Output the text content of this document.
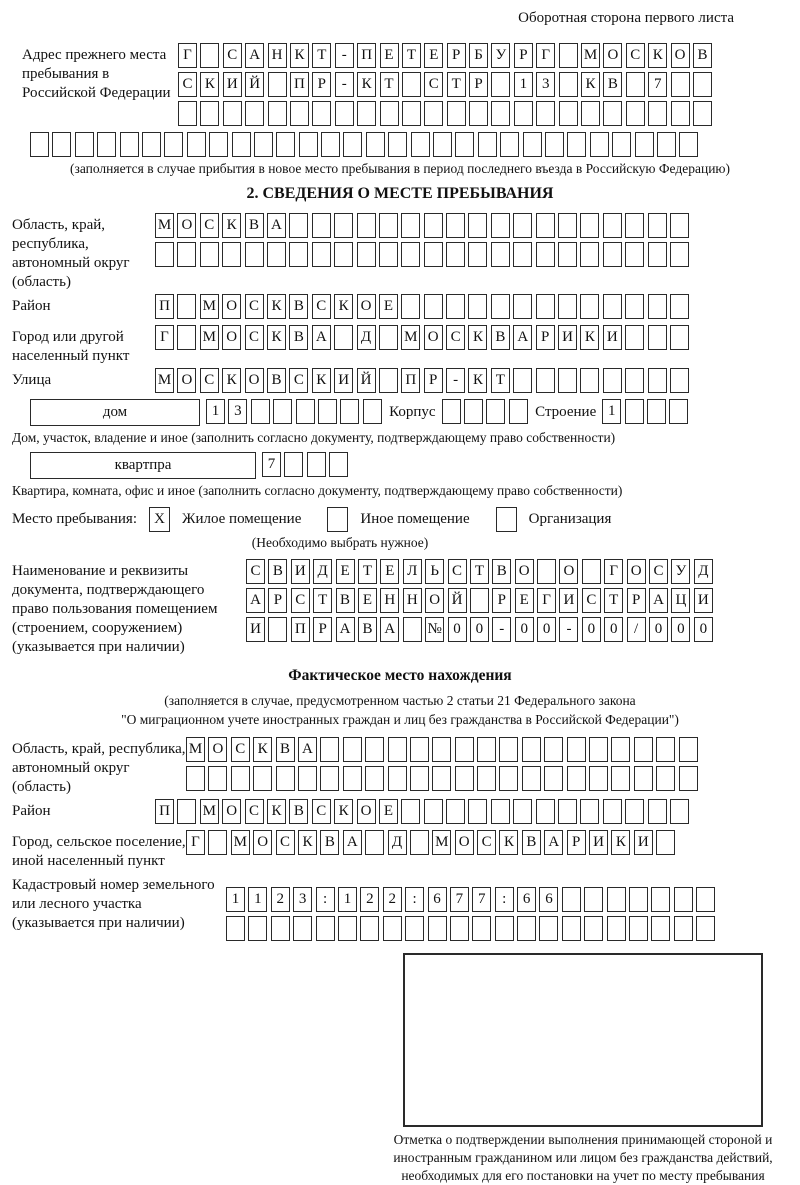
Оборотная сторона первого листа
Адрес прежнего места пребывания в Российской Федерации
Г	С А Н К Т	- П Е Т Е Р Б У Р Г	М О С К О В
С К И Й П Р	- К Т	С Т Р	1 3	К В	7
(заполняется в случае прибытия в новое место пребывания в период последнего въезда в Российскую Федерацию)
2. СВЕДЕНИЯ О МЕСТЕ ПРЕБЫВАНИЯ
Область, край, республика, автономный округ (область)
М О С К В А
Район	П М О С К В С К О Е
Город или другой населенный пункт
Г	М О С К В А Д М О С К В А Р И К И
Улица	М О С К О В С К И Й П Р	- К Т
дом	1 3	Корпус	Строение 1
Дом, участок, владение и иное (заполнить согласно документу, подтверждающему право собственности)
квартпра	7
Квартира, комната, офис и иное (заполнить согласно документу, подтверждающему право собственности)
Место пребывания:	X	Жилое помещение	Иное помещение	Организация
(Необходимо выбрать нужное)
Наименование и реквизиты документа, подтверждающего право пользования помещением (строением, сооружением) (указывается при наличии)
С В И Д Е Т Е Л Ь С Т В О О	Г О С У Д
А Р С Т В Е Н Н О Й	Р Е Г И С Т Р А Ц И
И П Р А В А № 0 0	-	0 0	-	0 0	/	0 0 0
Фактическое место нахождения
(заполняется в случае, предусмотренном частью 2 статьи 21 Федерального закона
"О миграционном учете иностранных граждан и лиц без гражданства в Российской Федерации")
Область, край, республика, автономный округ (область)
М О С К В А
Район	П М О С К В С К О Е
Город, сельское поселение, иной населенный пункт
Г	М О С К В А Д М О С К В А Р И К И
Кадастровый номер земельного или лесного участка (указывается при наличии)
1 1 2 3	:	1 2 2	:	6 7 7	:	6 6
Отметка о подтверждении выполнения принимающей стороной и иностранным гражданином или лицом без гражданства действий, необходимых для его постановки на учет по месту пребывания
